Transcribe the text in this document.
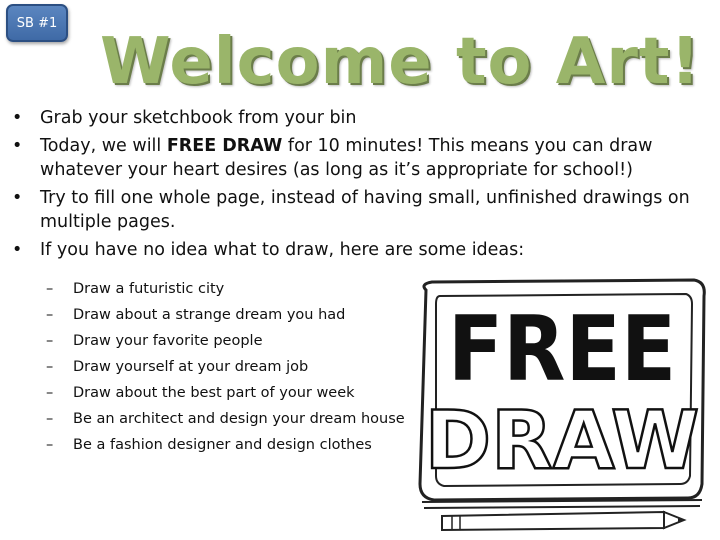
SB #1
Welcome to Art!
•	Grab your sketchbook from your bin
•	Today, we will FREE DRAW for 10 minutes! This means you can draw whatever your heart desires (as long as it’s appropriate for school!)
•	Try to fill one whole page, instead of having small, unfinished drawings on multiple pages.
•	If you have no idea what to draw, here are some ideas:
– Draw a futuristic city
– Draw about a strange dream you had
– Draw your favorite people
– Draw yourself at your dream job
– Draw about the best part of your week
– Be an architect and design your dream house
– Be a fashion designer and design clothes
FREE
DRAW
